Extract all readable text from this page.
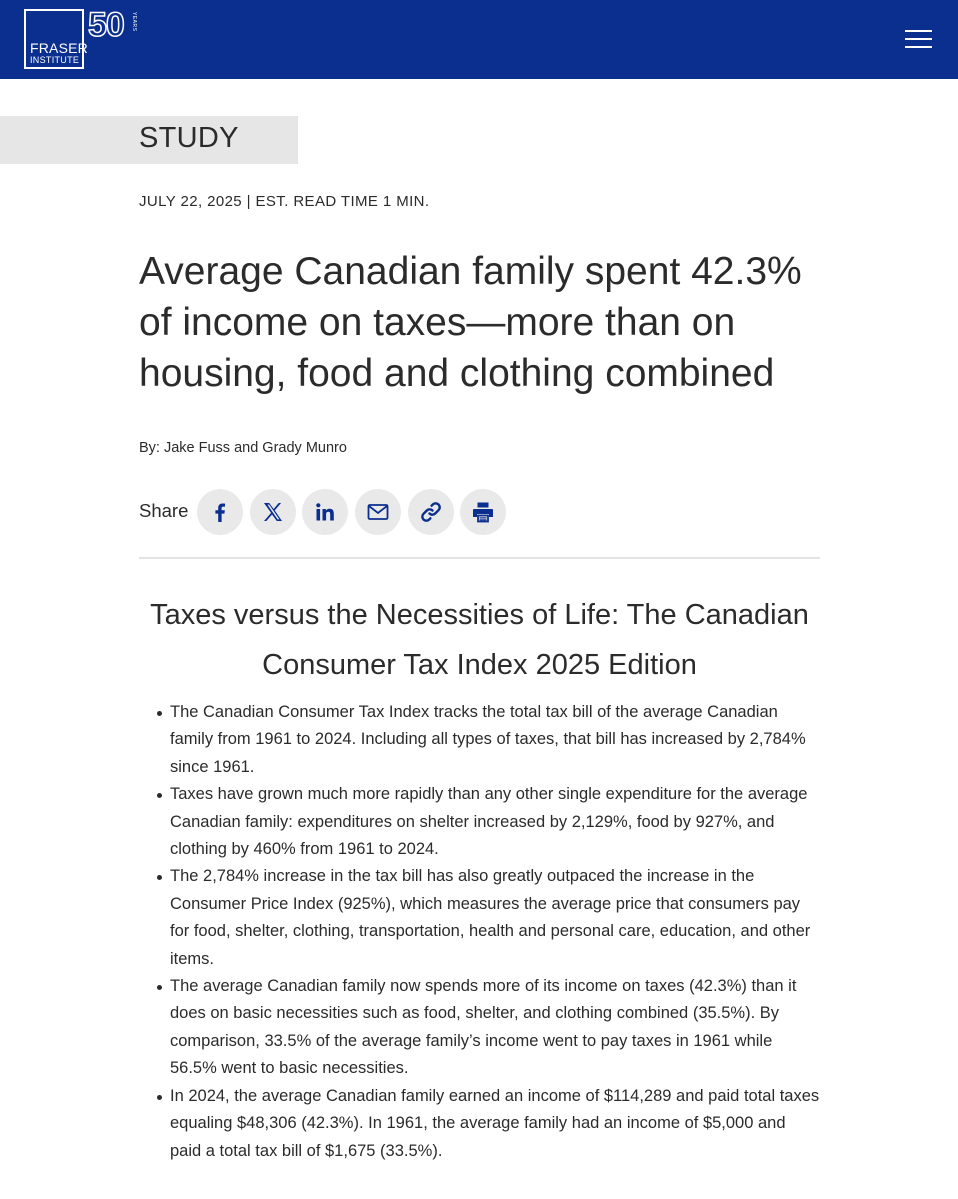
FRASER
INSTITUTE
50 YEARS
STUDY
JULY 22, 2025 | EST. READ TIME 1 MIN.
Average Canadian family spent 42.3% of income on taxes—more than on housing, food and clothing combined
By: Jake Fuss and Grady Munro
Share
Taxes versus the Necessities of Life: The Canadian Consumer Tax Index 2025 Edition
The Canadian Consumer Tax Index tracks the total tax bill of the average Canadian family from 1961 to 2024. Including all types of taxes, that bill has increased by 2,784% since 1961.
Taxes have grown much more rapidly than any other single expenditure for the average Canadian family: expenditures on shelter increased by 2,129%, food by 927%, and clothing by 460% from 1961 to 2024.
The 2,784% increase in the tax bill has also greatly outpaced the increase in the Consumer Price Index (925%), which measures the average price that consumers pay for food, shelter, clothing, transportation, health and personal care, education, and other items.
The average Canadian family now spends more of its income on taxes (42.3%) than it does on basic necessities such as food, shelter, and clothing combined (35.5%). By comparison, 33.5% of the average family’s income went to pay taxes in 1961 while 56.5% went to basic necessities.
In 2024, the average Canadian family earned an income of $114,289 and paid total taxes equaling $48,306 (42.3%). In 1961, the average family had an income of $5,000 and paid a total tax bill of $1,675 (33.5%).
